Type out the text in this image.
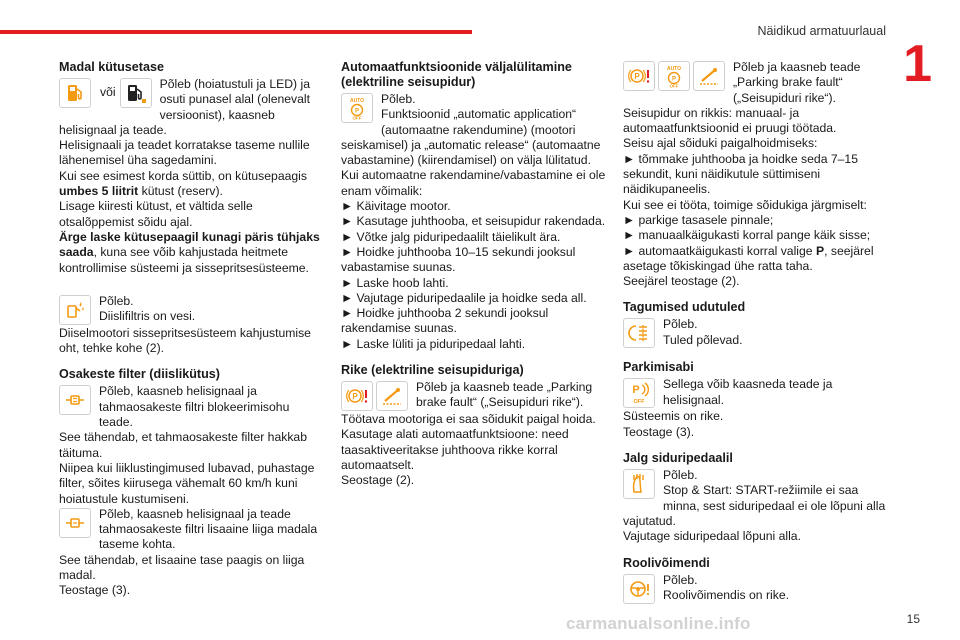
Näidikud armatuurlaual
1
15
carmanualsonline.info
Madal kütusetase
või

Põleb (hoiatustuli ja LED) ja osuti punasel alal (olenevalt versioonist), kaasneb helisignaal ja teade.

Helisignaali ja teadet korratakse taseme nullile lähenemisel üha sagedamini.

Kui see esimest korda süttib, on kütusepaagis umbes 5 liitrit kütust (reserv).

Lisage kiiresti kütust, et vältida selle otsalõppemist sõidu ajal.

Ärge laske kütusepaagil kunagi päris tühjaks saada, kuna see võib kahjustada heitmete kontrollimise süsteemi ja sissepritsesüsteeme.

Põleb.

Diislifiltris on vesi.

Diiselmootori sissepritsesüsteem kahjustumise oht, tehke kohe (2).

Osakeste filter (diislikütus)

Põleb, kaasneb helisignaal ja tahmaosakeste filtri blokeerimisohu teade.

See tähendab, et tahmaosakeste filter hakkab täituma.

Niipea kui liiklustingimused lubavad, puhastage filter, sõites kiirusega vähemalt 60 km/h kuni hoiatustule kustumiseni.

Põleb, kaasneb helisignaal ja teade tahmaosakeste filtri lisaaine liiga madala taseme kohta.

See tähendab, et lisaaine tase paagis on liiga madal.

Teostage (3).

Automaatfunktsioonide väljalülitamine (elektriline seisupidur)
AUTO
P
OFF

Põleb.

Funktsioonid „automatic application“ (automaatne rakendumine) (mootori seiskamisel) ja „automatic release“ (automaatne vabastamine) (kiirendamisel) on välja lülitatud.

Kui automaatne rakendamine/vabastamine ei ole enam võimalik:

► Käivitage mootor.

► Kasutage juhthooba, et seisupidur rakendada.

► Võtke jalg piduripedaalilt täielikult ära.

► Hoidke juhthooba 10–15 sekundi jooksul vabastamise suunas.

► Laske hoob lahti.

► Vajutage piduripedaalile ja hoidke seda all.

► Hoidke juhthooba 2 sekundi jooksul rakendamise suunas.

► Laske lüliti ja piduripedaal lahti.

Rike (elektriline seisupiduriga)
P

Põleb ja kaasneb teade „Parking brake fault“ („Seisupiduri rike“).

Töötava mootoriga ei saa sõidukit paigal hoida.

Kasutage alati automaatfunktsioone: need taasaktiveeritakse juhthoova rikke korral automaatselt.

Seostage (2).

P
AUTO
P
OFF

Põleb ja kaasneb teade „Parking brake fault“ („Seisupiduri rike“).

Seisupidur on rikkis: manuaal- ja automaatfunktsioonid ei pruugi töötada.

Seisu ajal sõiduki paigalhoidmiseks:

► tõmmake juhthooba ja hoidke seda 7–15 sekundit, kuni näidikutule süttimiseni näidikupaneelis.

Kui see ei tööta, toimige sõidukiga järgmiselt:

► parkige tasasele pinnale;

► manuaalkäigukasti korral pange käik sisse;

► automaatkäigukasti korral valige P, seejärel asetage tõkiskingad ühe ratta taha.

Seejärel teostage (2).

Tagumised udutuled

Põleb.

Tuled põlevad.

Parkimisabi
P
OFF

Sellega võib kaasneda teade ja helisignaal.

Süsteemis on rike.

Teostage (3).

Jalg siduripedaalil

Põleb.

Stop & Start: START-režiimile ei saa minna, sest siduripedaal ei ole lõpuni alla vajutatud.

Vajutage siduripedaal lõpuni alla.

Roolivõimendi

Põleb.

Roolivõimendis on rike.
